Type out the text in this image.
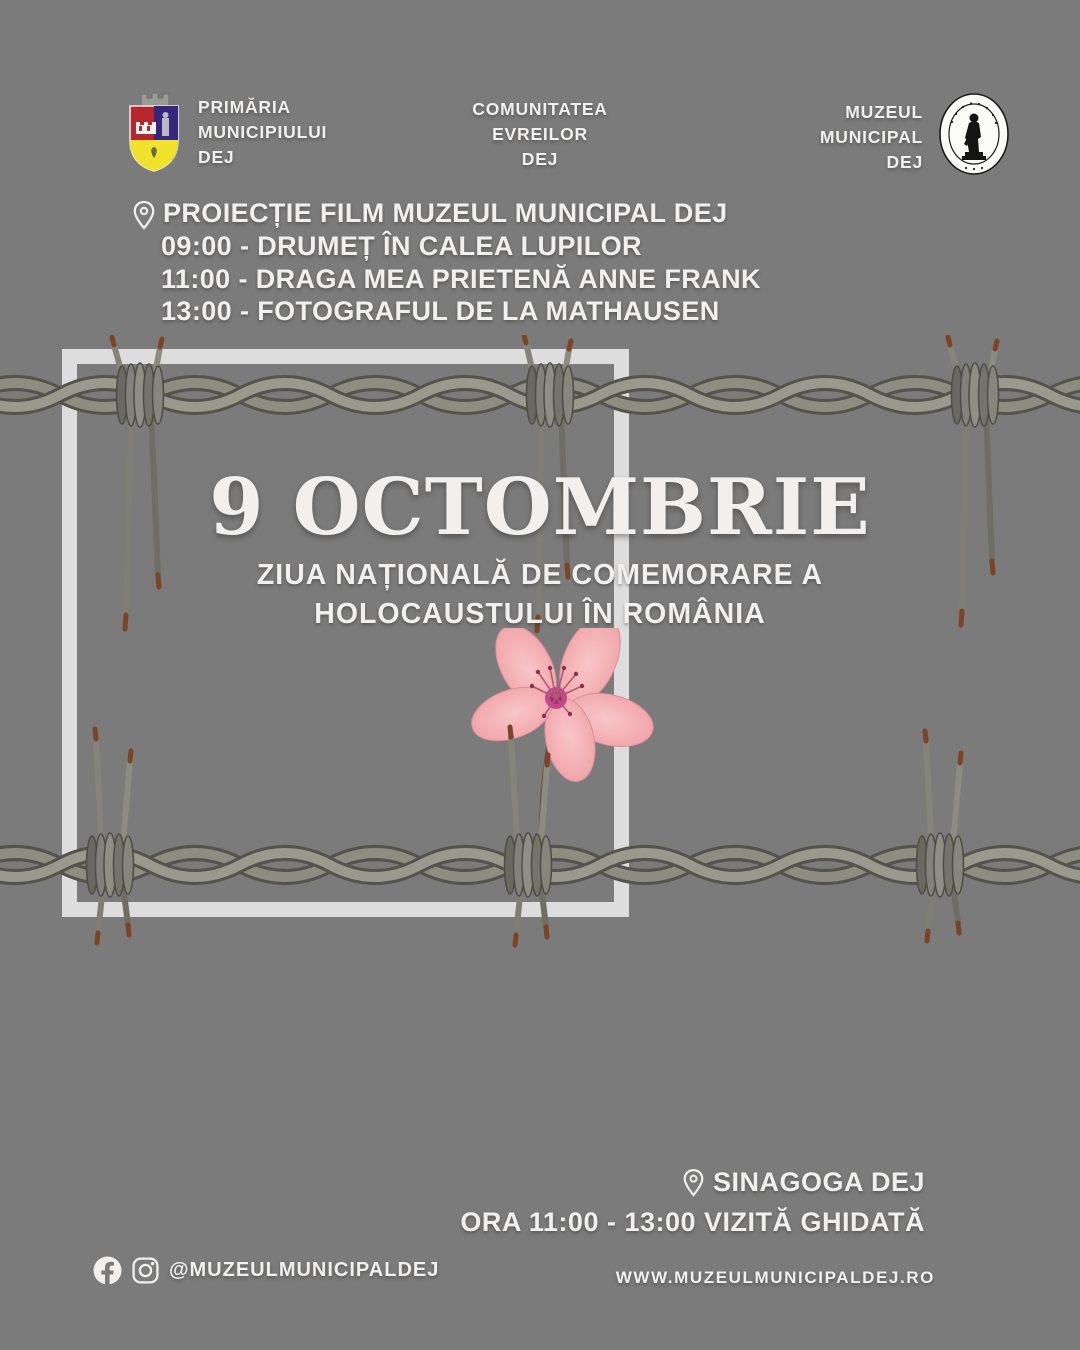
PRIMĂRIA
MUNICIPIULUI
DEJ
COMUNITATEA
EVREILOR
DEJ
MUZEUL
MUNICIPAL
DEJ
PROIECȚIE FILM MUZEUL MUNICIPAL DEJ
09:00 - DRUMEȚ ÎN CALEA LUPILOR
11:00 - DRAGA MEA PRIETENĂ ANNE FRANK
13:00 - FOTOGRAFUL DE LA MATHAUSEN
9 OCTOMBRIE
ZIUA NAȚIONALĂ DE COMEMORARE A
HOLOCAUSTULUI ÎN ROMÂNIA
SINAGOGA DEJ
ORA 11:00 - 13:00 VIZITĂ GHIDATĂ
@MUZEULMUNICIPALDEJ	WWW.MUZEULMUNICIPALDEJ.RO
